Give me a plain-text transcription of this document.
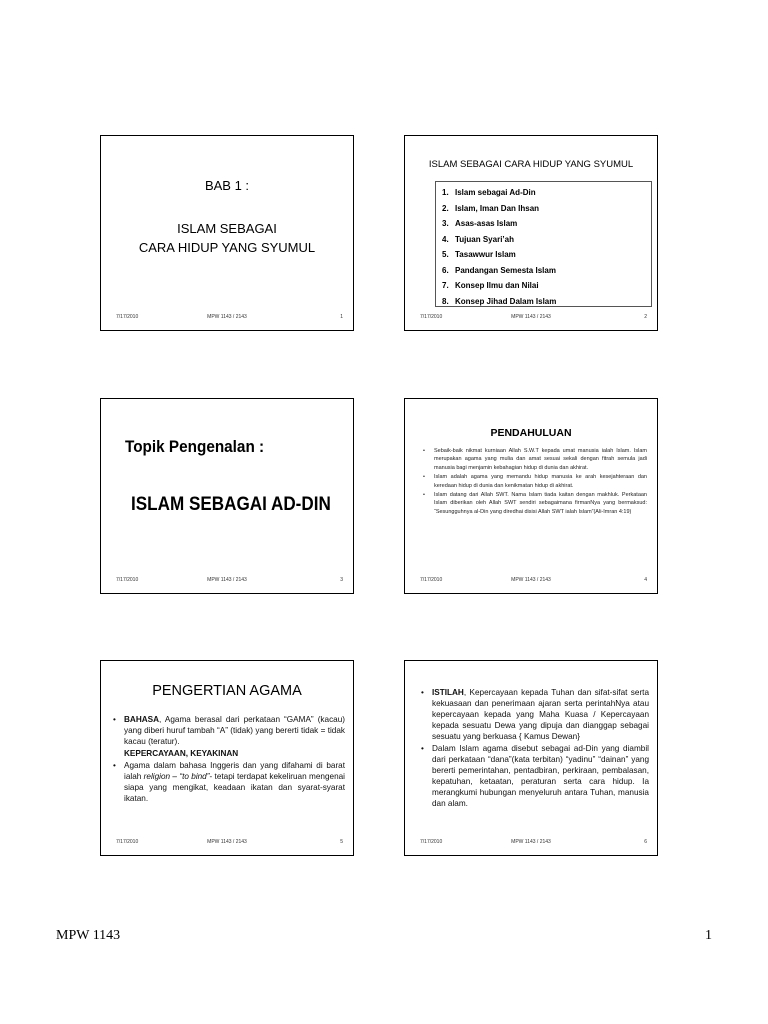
BAB 1 :
ISLAM SEBAGAI
CARA HIDUP YANG SYUMUL
7/17/2010	MPW 1143 / 2143	1
ISLAM SEBAGAI CARA HIDUP YANG SYUMUL
1. Islam sebagai Ad-Din
2. Islam, Iman Dan Ihsan
3. Asas-asas Islam
4. Tujuan Syari’ah
5. Tasawwur Islam
6. Pandangan Semesta Islam
7. Konsep Ilmu dan Nilai
8. Konsep Jihad Dalam Islam
7/17/2010	MPW 1143 / 2143	2
Topik Pengenalan :
ISLAM SEBAGAI AD-DIN
7/17/2010	MPW 1143 / 2143	3
PENDAHULUAN
• Sebaik-baik nikmat kurniaan Allah S.W.T kepada umat manusia ialah Islam. Islam merupakan agama yang mulia dan amat sesuai sekali dengan fitrah semula jadi manusia bagi menjamin kebahagian hidup di dunia dan akhirat.
• Islam adalah agama yang memandu hidup manusia ke arah kesejahteraan dan keredaan hidup di dunia dan kenikmatan hidup di akhirat.
• Islam datang dari Allah SWT. Nama Islam tiada kaitan dengan makhluk. Perkataan Islam diberikan oleh Allah SWT sendiri sebagaimana firmanNya yang bermaksud: “Sesungguhnya al-Din yang diredhai disisi Allah SWT ialah Islam”(Ali-Imran 4:19)
7/17/2010	MPW 1143 / 2143	4
PENGERTIAN AGAMA
• BAHASA, Agama berasal dari perkataan “GAMA” (kacau) yang diberi huruf tambah “A” (tidak) yang bererti tidak = tidak kacau (teratur).
KEPERCAYAAN, KEYAKINAN
• Agama dalam bahasa Inggeris dan yang difahami di barat ialah religion – “to bind”- tetapi terdapat kekeliruan mengenai siapa yang mengikat, keadaan ikatan dan syarat-syarat ikatan.
7/17/2010	MPW 1143 / 2143	5
• ISTILAH, Kepercayaan kepada Tuhan dan sifat-sifat serta kekuasaan dan penerimaan ajaran serta perintahNya atau kepercayaan kepada yang Maha Kuasa / Kepercayaan kepada sesuatu Dewa yang dipuja dan dianggap sebagai sesuatu yang berkuasa { Kamus Dewan}
• Dalam Islam agama disebut sebagai ad-Din yang diambil dari perkataan “dana”(kata terbitan) “yadinu” “dainan” yang bererti pemerintahan, pentadbiran, perkiraan, pembalasan, kepatuhan, ketaatan, peraturan serta cara hidup. Ia merangkumi hubungan menyeluruh antara Tuhan, manusia dan alam.
7/17/2010	MPW 1143 / 2143	6
MPW 1143	1
